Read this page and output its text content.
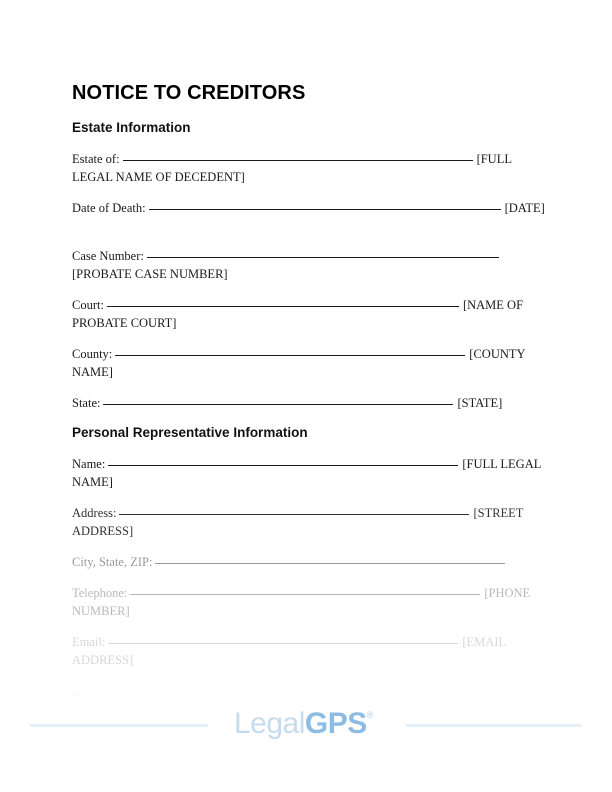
NOTICE TO CREDITORS
Estate Information
Estate of:	[FULL LEGAL NAME OF DECEDENT]
Date of Death:	[DATE]
Case Number:[PROBATE CASE NUMBER]
Court:	[NAME OF PROBATE COURT]
County:	[COUNTY NAME]
State:	[STATE]
Personal Representative Information
Name:	[FULL LEGAL NAME]
Address:	[STREET ADDRESS]
City, State, ZIP:
Telephone:	[PHONE NUMBER]
Email:	[EMAIL ADDRESS]
...
LegalGPS®
